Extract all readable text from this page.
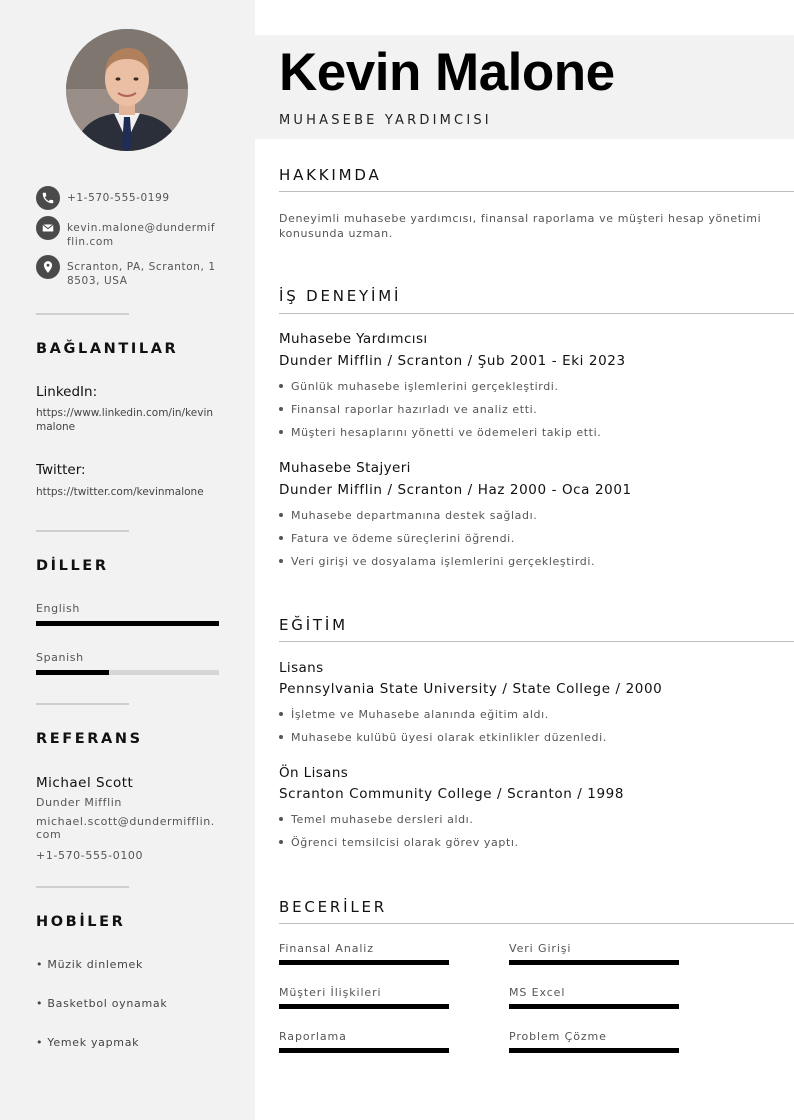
+1-570-555-0199
kevin.malone@dundermifflin.com
Scranton, PA, Scranton, 18503, USA
BAĞLANTILAR
LinkedIn:
https://www.linkedin.com/in/kevinmalone
Twitter:
https://twitter.com/kevinmalone
DİLLER
English
Spanish
REFERANS
Michael Scott
Dunder Mifflin
michael.scott@dundermifflin.com
+1-570-555-0100
HOBİLER
• Müzik dinlemek
• Basketbol oynamak
• Yemek yapmak
Kevin Malone
MUHASEBE YARDIMCISI
HAKKIMDA
Deneyimli muhasebe yardımcısı, finansal raporlama ve müşteri hesap yönetimi konusunda uzman.
İŞ DENEYİMİ
Muhasebe Yardımcısı
Dunder Mifflin / Scranton / Şub 2001 - Eki 2023
Günlük muhasebe işlemlerini gerçekleştirdi.
Finansal raporlar hazırladı ve analiz etti.
Müşteri hesaplarını yönetti ve ödemeleri takip etti.
Muhasebe Stajyeri
Dunder Mifflin / Scranton / Haz 2000 - Oca 2001
Muhasebe departmanına destek sağladı.
Fatura ve ödeme süreçlerini öğrendi.
Veri girişi ve dosyalama işlemlerini gerçekleştirdi.
EĞİTİM
Lisans
Pennsylvania State University / State College / 2000
İşletme ve Muhasebe alanında eğitim aldı.
Muhasebe kulübü üyesi olarak etkinlikler düzenledi.
Ön Lisans
Scranton Community College / Scranton / 1998
Temel muhasebe dersleri aldı.
Öğrenci temsilcisi olarak görev yaptı.
BECERİLER
Finansal Analiz	Veri Girişi
Müşteri İlişkileri	MS Excel
Raporlama	Problem Çözme
